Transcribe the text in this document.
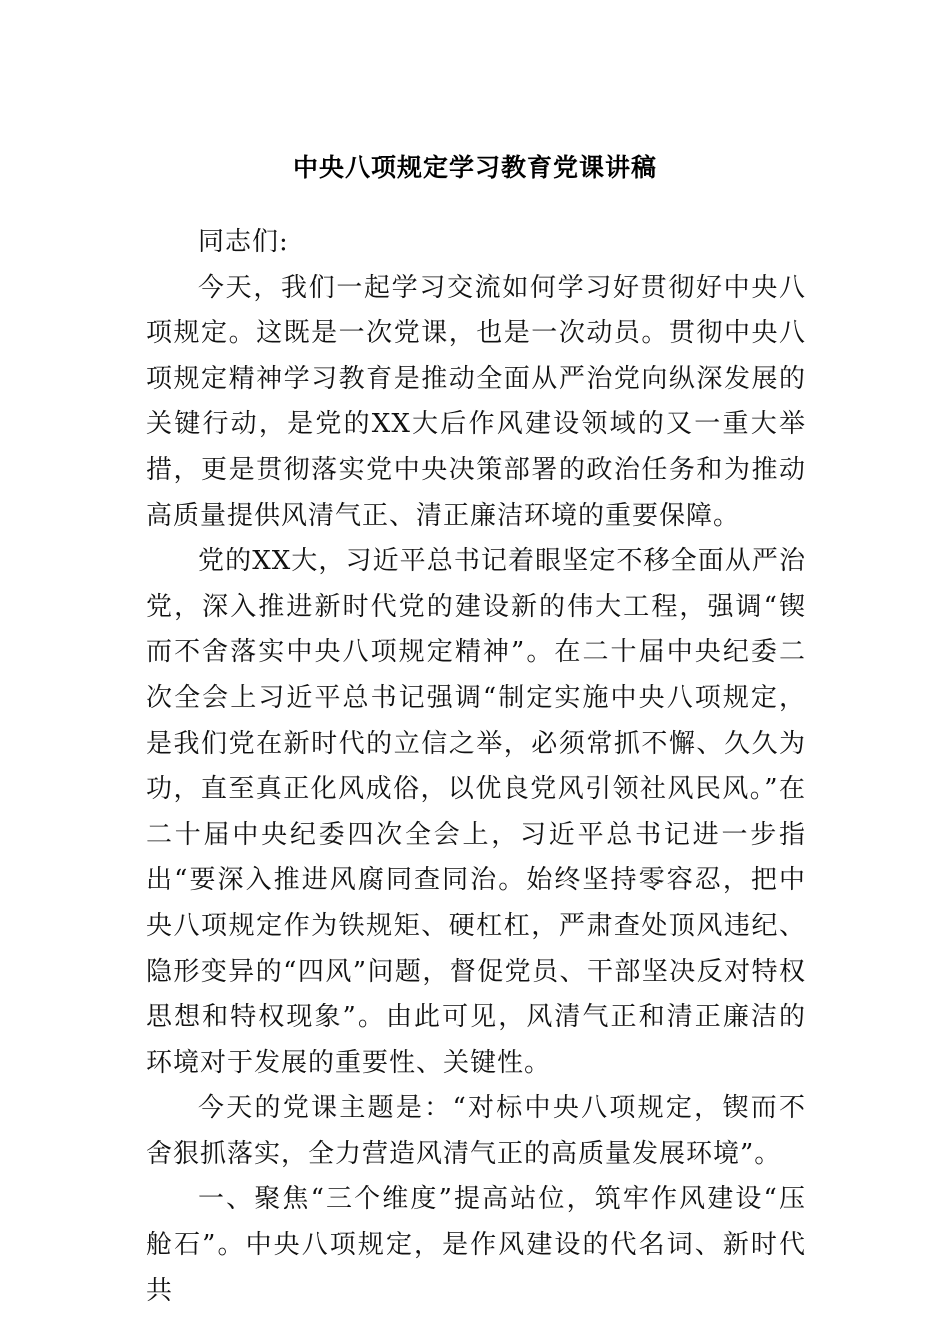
中央八项规定学习教育党课讲稿

同志们:

今天，我们一起学习交流如何学习好贯彻好中央八项规定。这既是一次党课，也是一次动员。贯彻中央八项规定精神学习教育是推动全面从严治党向纵深发展的关键行动，是党的XX大后作风建设领域的又一重大举措，更是贯彻落实党中央决策部署的政治任务和为推动高质量提供风清气正、清正廉洁环境的重要保障。

党的XX大，习近平总书记着眼坚定不移全面从严治党，深入推进新时代党的建设新的伟大工程，强调“锲而不舍落实中央八项规定精神”。在二十届中央纪委二次全会上习近平总书记强调“制定实施中央八项规定，是我们党在新时代的立信之举，必须常抓不懈、久久为功，直至真正化风成俗，以优良党风引领社风民风。”在二十届中央纪委四次全会上，习近平总书记进一步指出“要深入推进风腐同查同治。始终坚持零容忍，把中央八项规定作为铁规矩、硬杠杠，严肃查处顶风违纪、隐形变异的“四风”问题，督促党员、干部坚决反对特权思想和特权现象”。由此可见，风清气正和清正廉洁的环境对于发展的重要性、关键性。

今天的党课主题是：“对标中央八项规定，锲而不舍狠抓落实，全力营造风清气正的高质量发展环境”。

一、聚焦“三个维度”提高站位，筑牢作风建设“压舱石”。中央八项规定，是作风建设的代名词、新时代共
